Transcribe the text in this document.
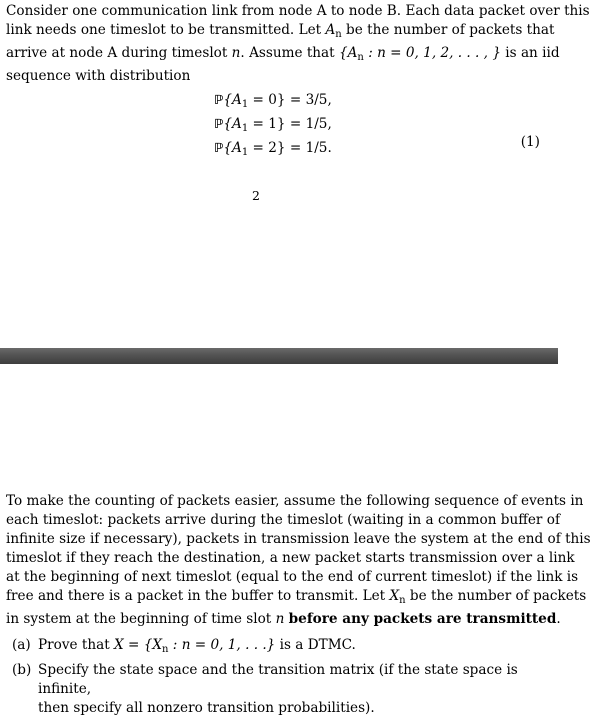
Consider one communication link from node A to node B. Each data packet over this
link needs one timeslot to be transmitted. Let $A_n$ be the number of packets that
arrive at node A during timeslot n. Assume that {$A_n$ : n = 0, 1, 2, . . . , } is an iid
sequence with distribution

$ℙ\{A_1 = 0\} = 3/5$,
$ℙ\{A_1 = 1\} = 1/5$,
$ℙ\{A_1 = 2\} = 1/5$.	(1)
2

To make the counting of packets easier, assume the following sequence of events in
each timeslot: packets arrive during the timeslot (waiting in a common buffer of
infinite size if necessary), packets in transmission leave the system at the end of this
timeslot if they reach the destination, a new packet starts transmission over a link
at the beginning of next timeslot (equal to the end of current timeslot) if the link is
free and there is a packet in the buffer to transmit. Let $X_n$ be the number of packets
in system at the beginning of time slot n before any packets are transmitted.

(a) Prove that $X = \{X_n$ : n = 0, 1, . . .} is a DTMC.
(b) Specify the state space and the transition matrix (if the state space is infinite,
then specify all nonzero transition probabilities).
